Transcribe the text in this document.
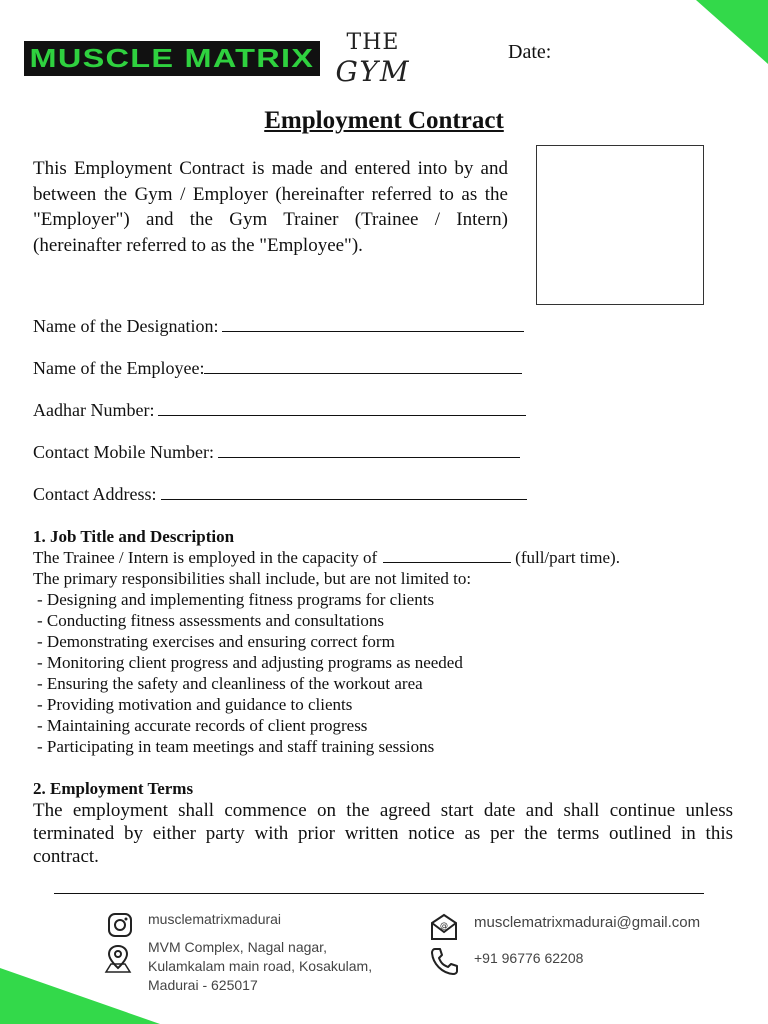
MUSCLE MATRIX
THE
GYM
Date:
Employment Contract

This Employment Contract is made and entered into by and between the Gym / Employer (hereinafter referred to as the "Employer") and the Gym Trainer (Trainee / Intern) (hereinafter referred to as the "Employee").

Name of the Designation:
Name of the Employee:
Aadhar Number:
Contact Mobile Number:
Contact Address:
1. Job Title and Description
The Trainee / Intern is employed in the capacity of	(full/part time).
The primary responsibilities shall include, but are not limited to:
- Designing and implementing fitness programs for clients
- Conducting fitness assessments and consultations
- Demonstrating exercises and ensuring correct form
- Monitoring client progress and adjusting programs as needed
- Ensuring the safety and cleanliness of the workout area
- Providing motivation and guidance to clients
- Maintaining accurate records of client progress
- Participating in team meetings and staff training sessions
2. Employment Terms

The employment shall commence on the agreed start date and shall continue unless terminated by either party with prior written notice as per the terms outlined in this contract.

musclematrixmadurai
MVM Complex, Nagal nagar,
Kulamkalam main road, Kosakulam,
Madurai - 625017
@ musclematrixmadurai@gmail.com
+91 96776 62208
